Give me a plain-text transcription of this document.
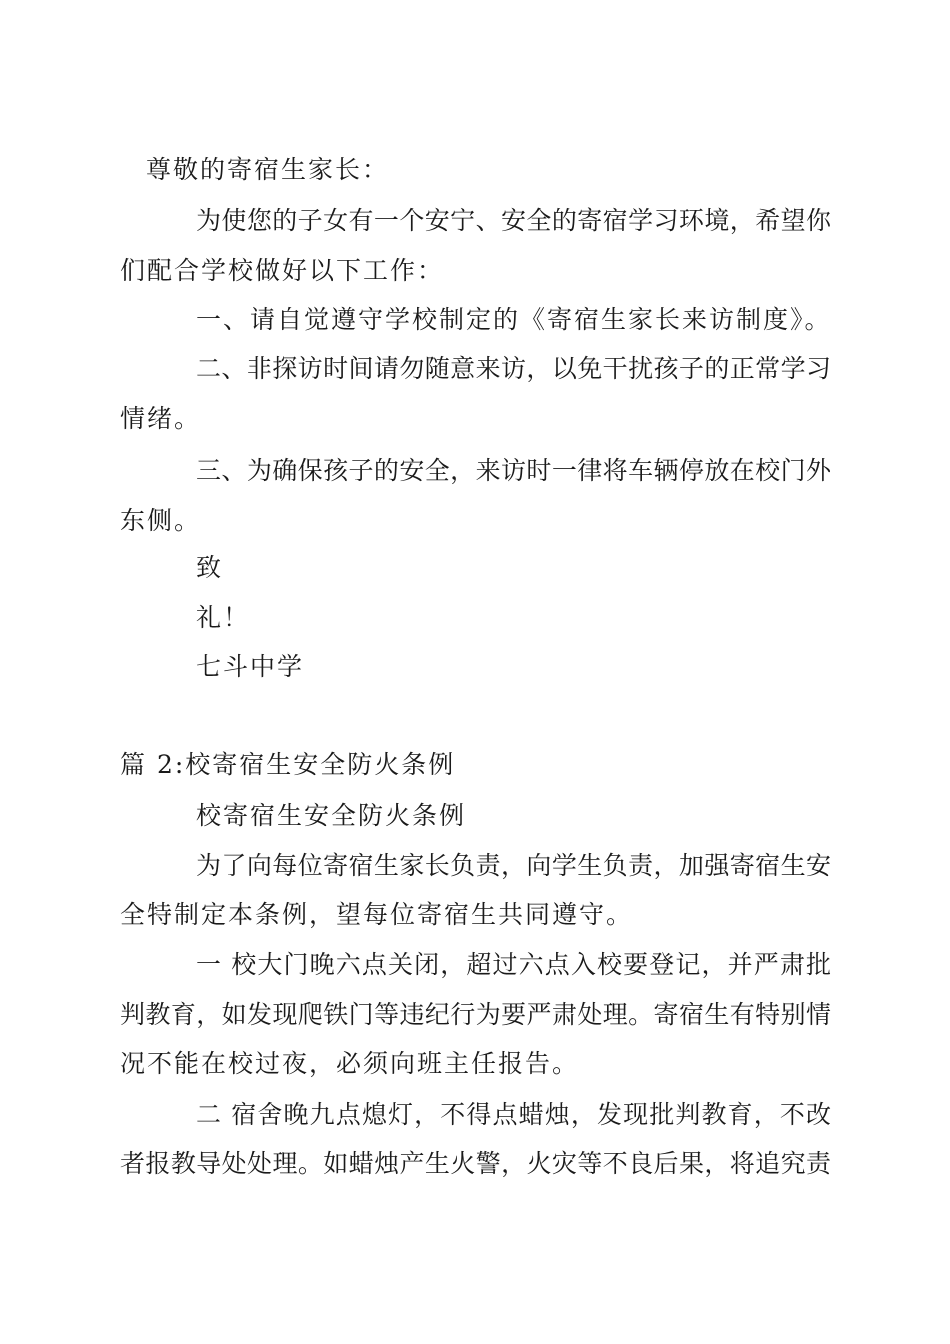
尊敬的寄宿生家长：
为使您的子女有一个安宁、安全的寄宿学习环境，希望你
们配合学校做好以下工作：
一、请自觉遵守学校制定的《寄宿生家长来访制度》。
二、非探访时间请勿随意来访，以免干扰孩子的正常学习
情绪。
三、为确保孩子的安全，来访时一律将车辆停放在校门外
东侧。
致
礼！
七斗中学
篇 2:校寄宿生安全防火条例
校寄宿生安全防火条例
为了向每位寄宿生家长负责，向学生负责，加强寄宿生安
全特制定本条例，望每位寄宿生共同遵守。
一 校大门晚六点关闭，超过六点入校要登记，并严肃批
判教育，如发现爬铁门等违纪行为要严肃处理。寄宿生有特别情
况不能在校过夜，必须向班主任报告。
二 宿舍晚九点熄灯，不得点蜡烛，发现批判教育，不改
者报教导处处理。如蜡烛产生火警，火灾等不良后果，将追究责
